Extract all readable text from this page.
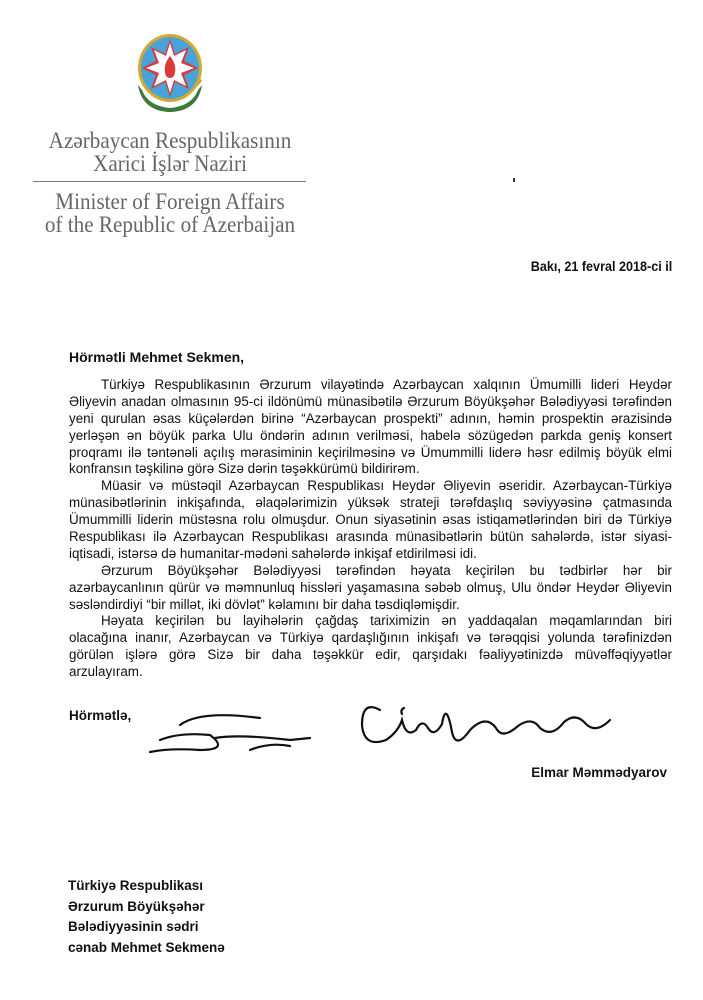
Azərbaycan Respublikasının
Xarici İşlər Naziri
Minister of Foreign Affairs
of the Republic of Azerbaijan
Bakı, 21 fevral 2018-ci il
Hörmətli Mehmet Sekmen,
Türkiyə Respublikasının Ərzurum vilayətində Azərbaycan xalqının Ümumilli lideri Heydər
Əliyevin anadan olmasının 95-ci ildönümü münasibətilə Ərzurum Böyükşəhər Bələdiyyəsi tərəfindən
yeni qurulan əsas küçələrdən birinə “Azərbaycan prospekti” adının, həmin prospektin ərazisində
yerləşən ən böyük parka Ulu öndərin adının verilməsi, habelə sözügedən parkda geniş konsert
proqramı ilə təntənəli açılış mərasiminin keçirilməsinə və Ümummilli liderə həsr edilmiş böyük elmi
konfransın təşkilinə görə Sizə dərin təşəkkürümü bildirirəm.
Müasir və müstəqil Azərbaycan Respublikası Heydər Əliyevin əseridir. Azərbaycan-Türkiyə
münasibətlərinin inkişafında, əlaqələrimizin yüksək strateji tərəfdaşlıq səviyyəsinə çatmasında
Ümummilli liderin müstəsna rolu olmuşdur. Onun siyasətinin əsas istiqamətlərindən biri də Türkiyə
Respublikası ilə Azərbaycan Respublikası arasında münasibətlərin bütün sahələrdə, istər siyasi-
iqtisadi, istərsə də humanitar-mədəni sahələrdə inkişaf etdirilməsi idi.
Ərzurum Böyükşəhər Bələdiyyəsi tərəfindən həyata keçirilən bu tədbirlər hər bir
azərbaycanlının qürür və məmnunluq hissləri yaşamasına səbəb olmuş, Ulu öndər Heydər Əliyevin
səsləndirdiyi “bir millət, iki dövlət” kəlamını bir daha təsdiqləmişdir.
Həyata keçirilən bu layihələrin çağdaş tariximizin ən yaddaqalan məqamlarından biri
olacağına inanır, Azərbaycan və Türkiyə qardaşlığının inkişafı və tərəqqisi yolunda tərəfinizdən
görülən işlərə görə Sizə bir daha təşəkkür edir, qarşıdakı fəaliyyətinizdə müvəffəqiyyətlər
arzulayıram.
Hörmətlə,
Elmar Məmmədyarov
Türkiyə Respublikası
Ərzurum Böyükşəhər
Bələdiyyəsinin sədri
cənab Mehmet Sekmenə
